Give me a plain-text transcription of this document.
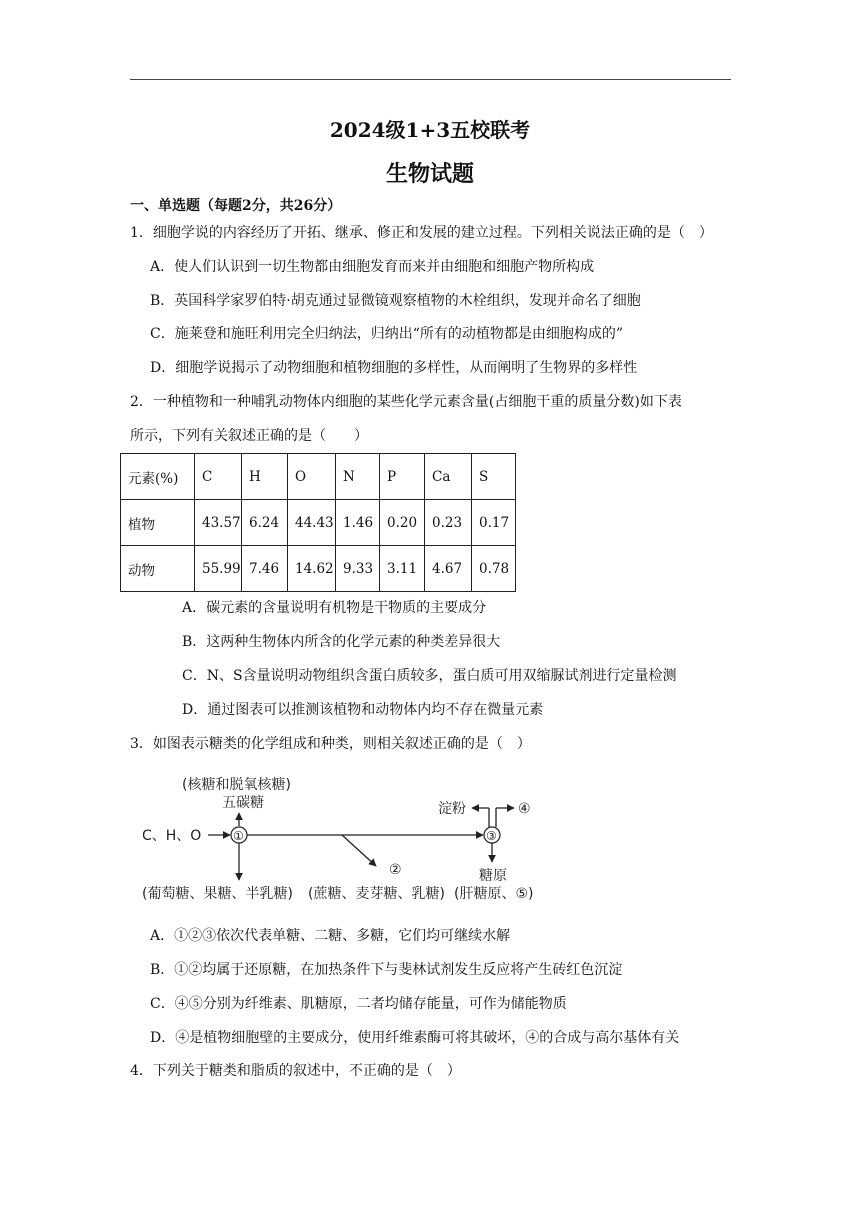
2024级1+3五校联考
生物试题
一、单选题（每题2分，共26分）
1．细胞学说的内容经历了开拓、继承、修正和发展的建立过程。下列相关说法正确的是（　）
A．使人们认识到一切生物都由细胞发育而来并由细胞和细胞产物所构成
B．英国科学家罗伯特·胡克通过显微镜观察植物的木栓组织，发现并命名了细胞
C．施莱登和施旺利用完全归纳法，归纳出“所有的动植物都是由细胞构成的”
D．细胞学说揭示了动物细胞和植物细胞的多样性，从而阐明了生物界的多样性
2．一种植物和一种哺乳动物体内细胞的某些化学元素含量(占细胞干重的质量分数)如下表
所示，下列有关叙述正确的是（　　）
元素(%)	C	H	O	N	P	Ca	S
植物	43.57	6.24	44.43	1.46	0.20	0.23	0.17
动物	55.99	7.46	14.62	9.33	3.11	4.67	0.78
A．碳元素的含量说明有机物是干物质的主要成分
B．这两种生物体内所含的化学元素的种类差异很大
C．N、S含量说明动物组织含蛋白质较多，蛋白质可用双缩脲试剂进行定量检测
D．通过图表可以推测该植物和动物体内均不存在微量元素
3．如图表示糖类的化学组成和种类，则相关叙述正确的是（　）
(核糖和脱氧核糖)
五碳糖
C、H、O	①	③
②
淀粉	④
糖原
(葡萄糖、果糖、半乳糖) (蔗糖、麦芽糖、乳糖) (肝糖原、⑤)
A．①②③依次代表单糖、二糖、多糖，它们均可继续水解
B．①②均属于还原糖，在加热条件下与斐林试剂发生反应将产生砖红色沉淀
C．④⑤分别为纤维素、肌糖原，二者均储存能量，可作为储能物质
D．④是植物细胞壁的主要成分，使用纤维素酶可将其破坏，④的合成与高尔基体有关
4．下列关于糖类和脂质的叙述中，不正确的是（　）
